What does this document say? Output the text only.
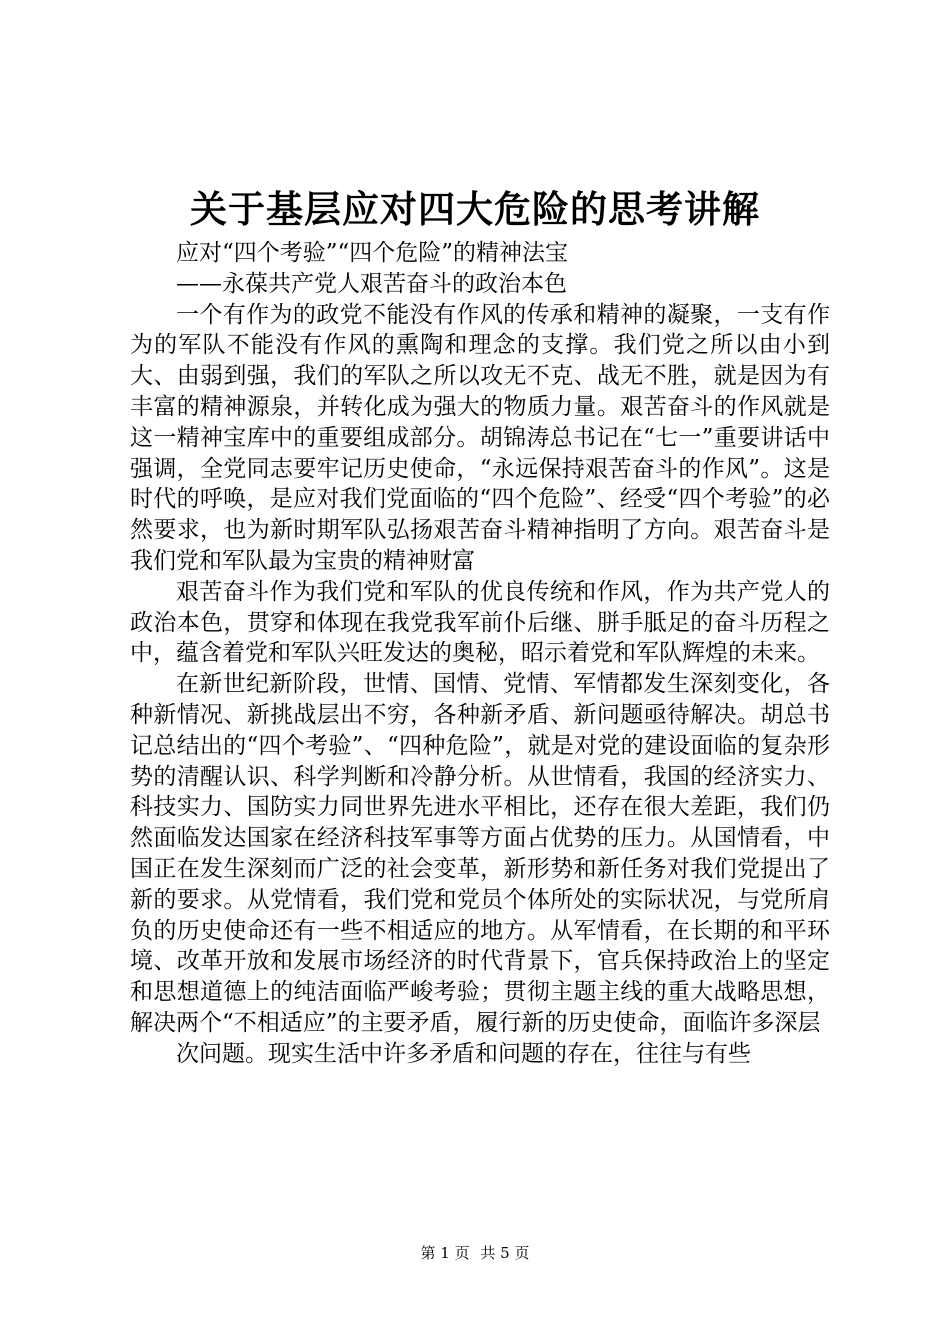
关于基层应对四大危险的思考讲解

应对“四个考验”“四个危险”的精神法宝

——永葆共产党人艰苦奋斗的政治本色

一个有作为的政党不能没有作风的传承和精神的凝聚，一支有作为的军队不能没有作风的熏陶和理念的支撑。我们党之所以由小到大、由弱到强，我们的军队之所以攻无不克、战无不胜，就是因为有丰富的精神源泉，并转化成为强大的物质力量。艰苦奋斗的作风就是这一精神宝库中的重要组成部分。胡锦涛总书记在“七一”重要讲话中强调，全党同志要牢记历史使命，“永远保持艰苦奋斗的作风”。这是时代的呼唤，是应对我们党面临的“四个危险”、经受“四个考验”的必然要求，也为新时期军队弘扬艰苦奋斗精神指明了方向。艰苦奋斗是我们党和军队最为宝贵的精神财富

艰苦奋斗作为我们党和军队的优良传统和作风，作为共产党人的政治本色，贯穿和体现在我党我军前仆后继、胼手胝足的奋斗历程之中，蕴含着党和军队兴旺发达的奥秘，昭示着党和军队辉煌的未来。

在新世纪新阶段，世情、国情、党情、军情都发生深刻变化，各种新情况、新挑战层出不穷，各种新矛盾、新问题亟待解决。胡总书记总结出的“四个考验”、“四种危险”，就是对党的建设面临的复杂形势的清醒认识、科学判断和冷静分析。从世情看，我国的经济实力、科技实力、国防实力同世界先进水平相比，还存在很大差距，我们仍然面临发达国家在经济科技军事等方面占优势的压力。从国情看，中国正在发生深刻而广泛的社会变革，新形势和新任务对我们党提出了新的要求。从党情看，我们党和党员个体所处的实际状况，与党所肩负的历史使命还有一些不相适应的地方。从军情看，在长期的和平环境、改革开放和发展市场经济的时代背景下，官兵保持政治上的坚定和思想道德上的纯洁面临严峻考验；贯彻主题主线的重大战略思想，解决两个“不相适应”的主要矛盾，履行新的历史使命，面临许多深层

次问题。现实生活中许多矛盾和问题的存在，往往与有些

第 1 页 共 5 页
